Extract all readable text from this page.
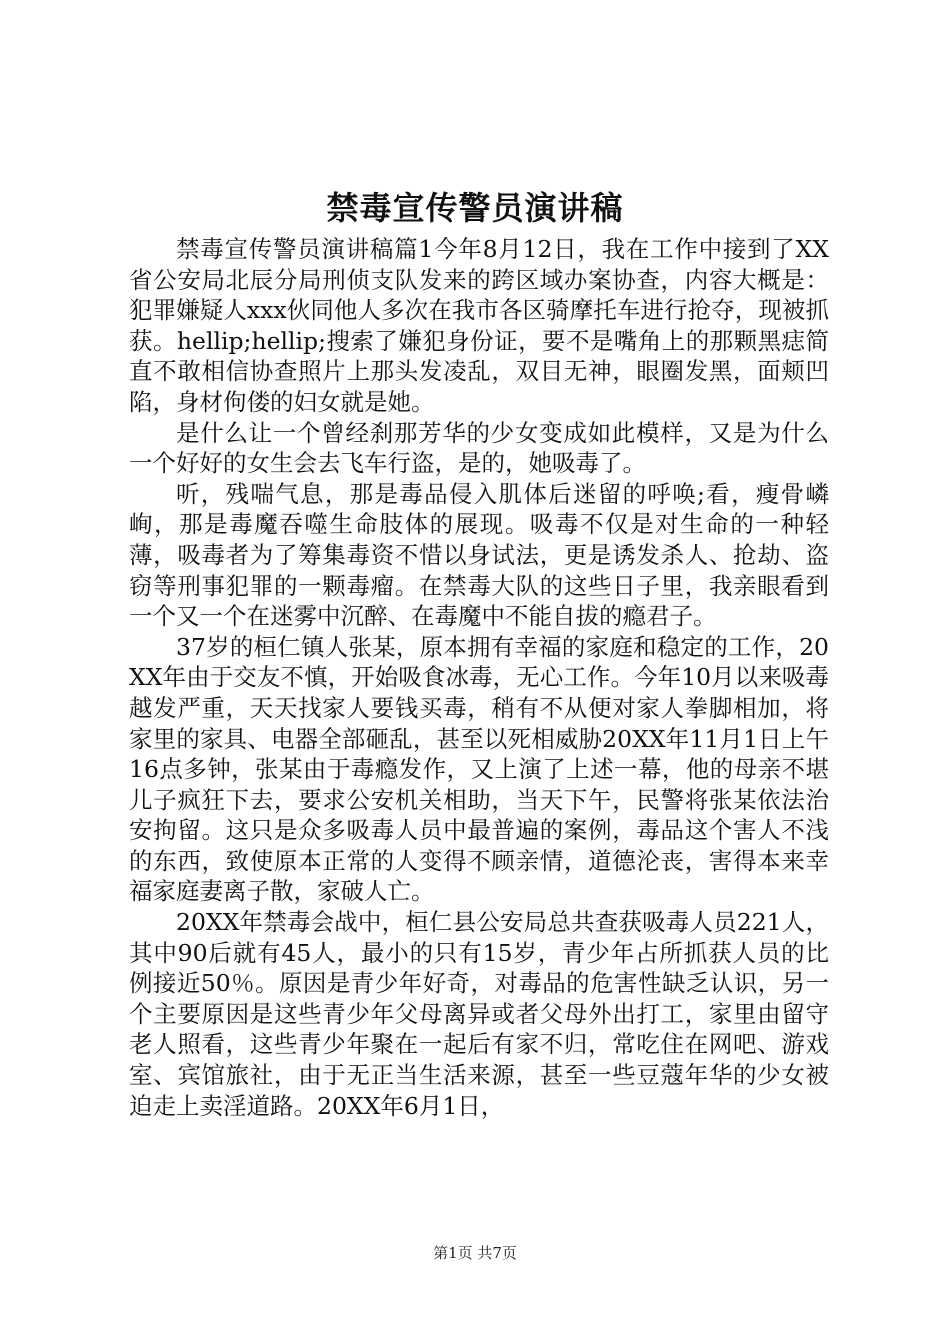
禁毒宣传警员演讲稿

禁毒宣传警员演讲稿篇1今年8月12日，我在工作中接到了XX省公安局北辰分局刑侦支队发来的跨区域办案协查，内容大概是：犯罪嫌疑人xxx伙同他人多次在我市各区骑摩托车进行抢夺，现被抓获。hellip;hellip;搜索了嫌犯身份证，要不是嘴角上的那颗黑痣简直不敢相信协查照片上那头发凌乱，双目无神，眼圈发黑，面颊凹陷，身材佝偻的妇女就是她。

是什么让一个曾经刹那芳华的少女变成如此模样，又是为什么一个好好的女生会去飞车行盗，是的，她吸毒了。

听，残喘气息，那是毒品侵入肌体后迷留的呼唤;看，瘦骨嶙峋，那是毒魔吞噬生命肢体的展现。吸毒不仅是对生命的一种轻薄，吸毒者为了筹集毒资不惜以身试法，更是诱发杀人、抢劫、盗窃等刑事犯罪的一颗毒瘤。在禁毒大队的这些日子里，我亲眼看到一个又一个在迷雾中沉醉、在毒魔中不能自拔的瘾君子。

37岁的桓仁镇人张某，原本拥有幸福的家庭和稳定的工作，20XX年由于交友不慎，开始吸食冰毒，无心工作。今年10月以来吸毒越发严重，天天找家人要钱买毒，稍有不从便对家人拳脚相加，将家里的家具、电器全部砸乱，甚至以死相威胁20XX年11月1日上午16点多钟，张某由于毒瘾发作，又上演了上述一幕，他的母亲不堪儿子疯狂下去，要求公安机关相助，当天下午，民警将张某依法治安拘留。这只是众多吸毒人员中最普遍的案例，毒品这个害人不浅的东西，致使原本正常的人变得不顾亲情，道德沦丧，害得本来幸福家庭妻离子散，家破人亡。

20XX年禁毒会战中，桓仁县公安局总共查获吸毒人员221人，其中90后就有45人，最小的只有15岁，青少年占所抓获人员的比例接近50％。原因是青少年好奇，对毒品的危害性缺乏认识，另一个主要原因是这些青少年父母离异或者父母外出打工，家里由留守老人照看，这些青少年聚在一起后有家不归，常吃住在网吧、游戏室、宾馆旅社，由于无正当生活来源，甚至一些豆蔻年华的少女被迫走上卖淫道路。20XX年6月1日，

第1页 共7页
